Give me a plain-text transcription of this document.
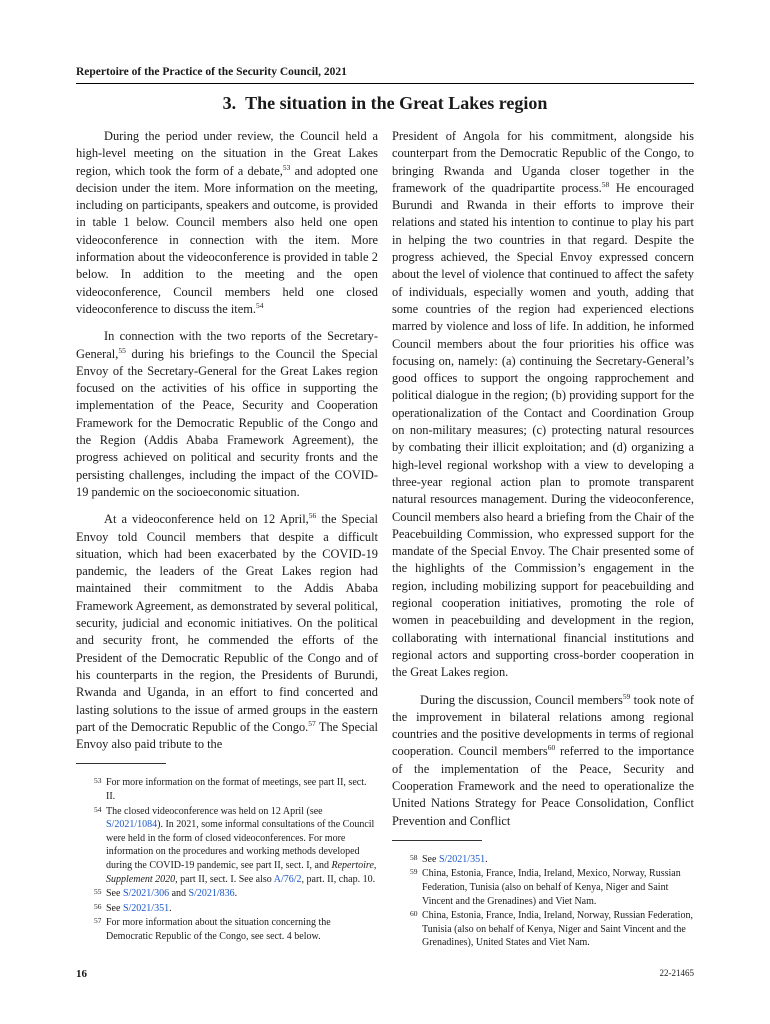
Repertoire of the Practice of the Security Council, 2021
3. The situation in the Great Lakes region

During the period under review, the Council held a high-level meeting on the situation in the Great Lakes region, which took the form of a debate,$^{53}$ and adopted one decision under the item. More information on the meeting, including on participants, speakers and outcome, is provided in table 1 below. Council members also held one open videoconference in connection with the item. More information about the videoconference is provided in table 2 below. In addition to the meeting and the open videoconference, Council members held one closed videoconference to discuss the item.$^{54}$

In connection with the two reports of the Secretary-General,$^{55}$ during his briefings to the Council the Special Envoy of the Secretary-General for the Great Lakes region focused on the activities of his office in supporting the implementation of the Peace, Security and Cooperation Framework for the Democratic Republic of the Congo and the Region (Addis Ababa Framework Agreement), the progress achieved on political and security fronts and the persisting challenges, including the impact of the COVID-19 pandemic on the socioeconomic situation.

At a videoconference held on 12 April,$^{56}$ the Special Envoy told Council members that despite a difficult situation, which had been exacerbated by the COVID-19 pandemic, the leaders of the Great Lakes region had maintained their commitment to the Addis Ababa Framework Agreement, as demonstrated by several political, security, judicial and economic initiatives. On the political and security front, he commended the efforts of the President of the Democratic Republic of the Congo and of his counterparts in the region, the Presidents of Burundi, Rwanda and Uganda, in an effort to find concerted and lasting solutions to the issue of armed groups in the eastern part of the Democratic Republic of the Congo.$^{57}$ The Special Envoy also paid tribute to the

53 For more information on the format of meetings, see part II, sect. II.
54 The closed videoconference was held on 12 April (see S/2021/1084). In 2021, some informal consultations of the Council were held in the form of closed videoconferences. For more information on the procedures and working methods developed during the COVID-19 pandemic, see part II, sect. I, and Repertoire, Supplement 2020, part II, sect. I. See also A/76/2, part. II, chap. 10.
55 See S/2021/306 and S/2021/836.
56 See S/2021/351.
57 For more information about the situation concerning the Democratic Republic of the Congo, see sect. 4 below.

President of Angola for his commitment, alongside his counterpart from the Democratic Republic of the Congo, to bringing Rwanda and Uganda closer together in the framework of the quadripartite process.$^{58}$ He encouraged Burundi and Rwanda in their efforts to improve their relations and stated his intention to continue to play his part in helping the two countries in that regard. Despite the progress achieved, the Special Envoy expressed concern about the level of violence that continued to affect the safety of individuals, especially women and youth, adding that some countries of the region had experienced elections marred by violence and loss of life. In addition, he informed Council members about the four priorities his office was focusing on, namely: (a) continuing the Secretary-General’s good offices to support the ongoing rapprochement and political dialogue in the region; (b) providing support for the operationalization of the Contact and Coordination Group on non-military measures; (c) protecting natural resources by combating their illicit exploitation; and (d) organizing a high-level regional workshop with a view to developing a three-year regional action plan to promote transparent natural resources management. During the videoconference, Council members also heard a briefing from the Chair of the Peacebuilding Commission, who expressed support for the mandate of the Special Envoy. The Chair presented some of the highlights of the Commission’s engagement in the region, including mobilizing support for peacebuilding and regional cooperation initiatives, promoting the role of women in peacebuilding and development in the region, collaborating with international financial institutions and regional actors and supporting cross-border cooperation in the Great Lakes region.

During the discussion, Council members$^{59}$ took note of the improvement in bilateral relations among regional countries and the positive developments in terms of regional cooperation. Council members$^{60}$ referred to the importance of the implementation of the Peace, Security and Cooperation Framework and the need to operationalize the United Nations Strategy for Peace Consolidation, Conflict Prevention and Conflict

58 See S/2021/351.
59 China, Estonia, France, India, Ireland, Mexico, Norway, Russian Federation, Tunisia (also on behalf of Kenya, Niger and Saint Vincent and the Grenadines) and Viet Nam.
60 China, Estonia, France, India, Ireland, Norway, Russian Federation, Tunisia (also on behalf of Kenya, Niger and Saint Vincent and the Grenadines), United States and Viet Nam.
16	22-21465
